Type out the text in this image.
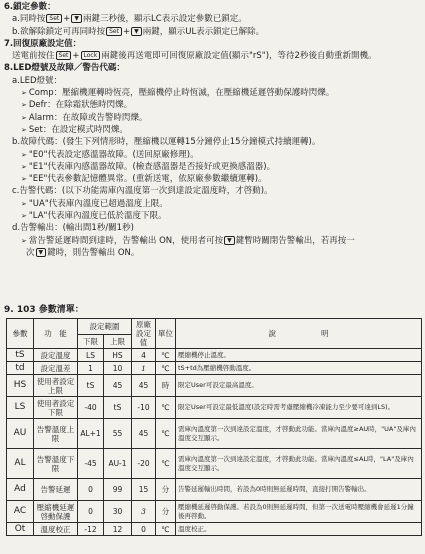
6.鎖定參數：
a.同時按 Set + ▼ 兩鍵三秒後，顯示LC表示設定參數已鎖定。
b.欲解除鎖定可再同時按 Set + ▼ 兩鍵，顯示UL表示鎖定已解除。
7.回復原廠設定值：
送電前按住 Set + Lock 兩鍵後再送電即可回復原廠設定值(顯示"rS")，等待2秒後自動重新開機。
8.LED燈號及故障／警告代碼：
a.LED燈號：
➢ Comp：壓縮機運轉時恆亮，壓縮機停止時恆滅，在壓縮機延遲啓動保護時閃爍。
➢ Defr：在除霜狀態時閃爍。
➢ Alarm：在故障或告警時閃爍。
➢ Set：在設定模式時閃爍。
b.故障代碼：(發生下列情形時，壓縮機以運轉15分鐘停止15分鐘模式持續運轉)。
➢ "E0"代表設定感溫器故障。(送回原廠修理)。
➢ "E1"代表庫內感溫器故障。(檢查感溫器是否接好或更換感溫器)。
➢ "EE"代表參數記憶體異常。(重新送電，依原廠參數繼續運轉)。
c.告警代碼：(以下功能需庫內溫度第一次到達設定溫度時，才啓動)。
➢ "UA"代表庫內溫度已超過溫度上限。
➢ "LA"代表庫內溫度已低於溫度下限。
d.告警輸出：(輸出間1秒/關1秒)
➢ 當告警延遲時間到達時，告警輸出 ON，使用者可按 ▼ 鍵暫時關閉告警輸出，若再按一
次 ▼ 鍵時，則告警輸出 ON。
9. 103 參數清單：
參數	功　能	設定範圍		原廠設定值	單位	說　　　　　　明
		下限	上限			
tS	設定溫度	LS	HS	4	℃	壓縮機停止溫度。
td	設定溫差	1	10	1	℃	tS+td為壓縮機啓動溫度。
HS	使用者設定上限	tS	45	45	時	限定User可設定最高溫度。
LS	使用者設定下限	-40	tS	-10	℃	限定User可設定最低溫度(設定時需考慮壓縮機冷凍能力至少要可達到LS)。
AU	告警溫度上限	AL+1	55	45	℃	需庫內溫度第一次到達設定溫度，才啓動此功能。當庫內溫度≥AU時，"UA"及庫內溫度交互顯示。
AL	告警溫度下限	-45	AU-1	-20	℃	需庫內溫度第一次到達設定溫度，才啓動此功能。當庫內溫度≤AL時，"LA"及庫內溫度交互顯示。
Ad	告警延遲	0	99	15	分	告警延遲輸出時間，若設為0時則無延遲時間，直接打開告警輸出。
AC	壓縮機延遲啓動保護	0	30	3	分	壓縮機延遲啓動保護。若設為0則無延遲時間，但第一次送電時壓縮機會延遲1分鐘後再啓動。
Ot	溫度校正	-12	12	0	℃	溫度校正。
